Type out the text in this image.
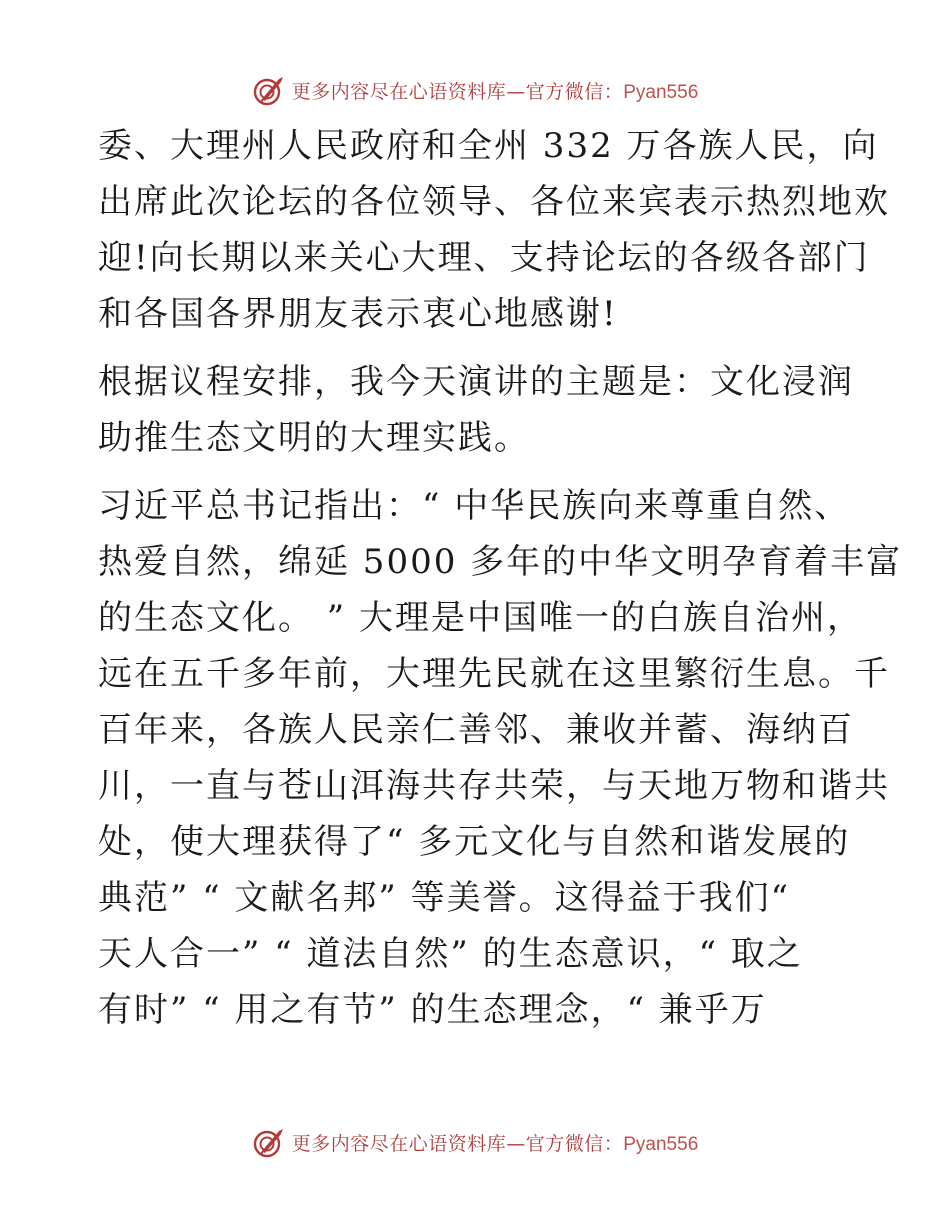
更多内容尽在心语资料库—官方微信：Pyan556
委、大理州人民政府和全州 332 万各族人民，向
出席此次论坛的各位领导、各位来宾表示热烈地欢
迎!向长期以来关心大理、支持论坛的各级各部门
和各国各界朋友表示衷心地感谢!
根据议程安排，我今天演讲的主题是：文化浸润
助推生态文明的大理实践。
习近平总书记指出：“ 中华民族向来尊重自然、
热爱自然，绵延 5000 多年的中华文明孕育着丰富
的生态文化。 ” 大理是中国唯一的白族自治州，
远在五千多年前，大理先民就在这里繁衍生息。千
百年来，各族人民亲仁善邻、兼收并蓄、海纳百
川，一直与苍山洱海共存共荣，与天地万物和谐共
处，使大理获得了“ 多元文化与自然和谐发展的
典范” “ 文献名邦” 等美誉。这得益于我们“
天人合一” “ 道法自然” 的生态意识，“ 取之
有时” “ 用之有节” 的生态理念，“ 兼乎万
更多内容尽在心语资料库—官方微信：Pyan556
